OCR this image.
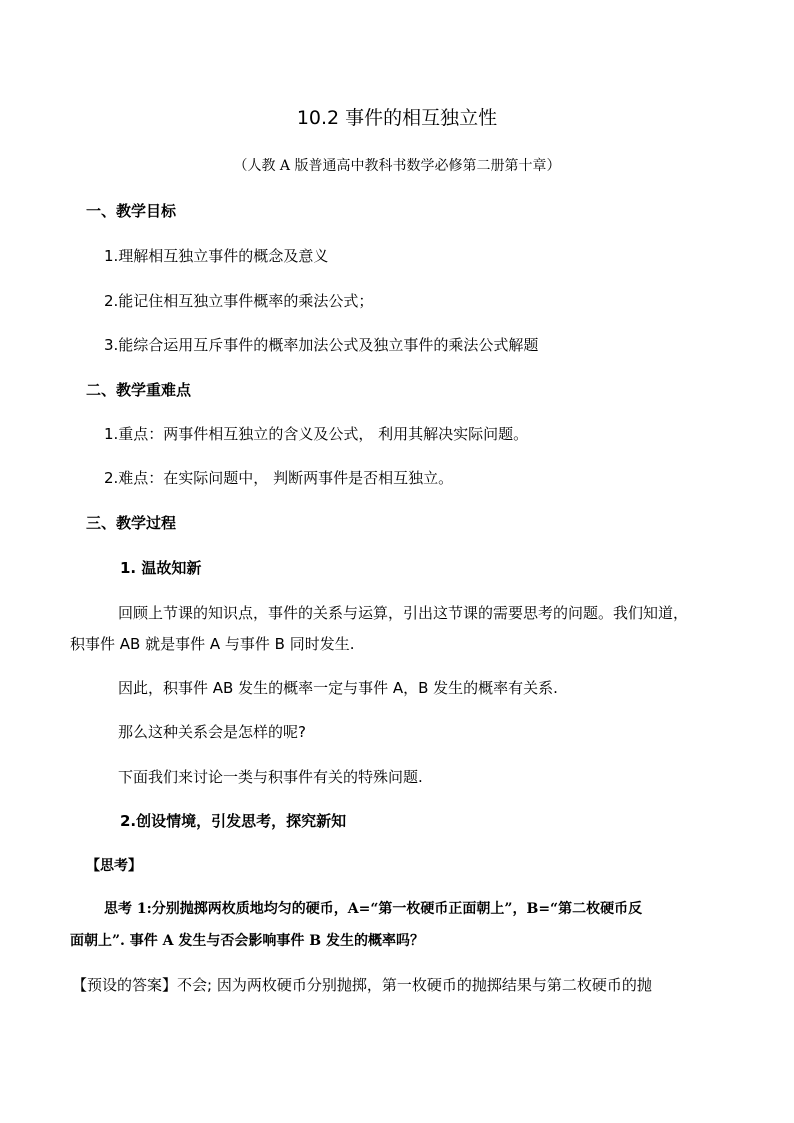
10.2 事件的相互独立性
（人教 A 版普通高中教科书数学必修第二册第十章）
一、教学目标
1.理解相互独立事件的概念及意义
2.能记住相互独立事件概率的乘法公式；
3.能综合运用互斥事件的概率加法公式及独立事件的乘法公式解题
二、教学重难点
1.重点：两事件相互独立的含义及公式， 利用其解决实际问题。
2.难点：在实际问题中， 判断两事件是否相互独立。
三、教学过程
1. 温故知新
回顾上节课的知识点，事件的关系与运算，引出这节课的需要思考的问题。我们知道，
积事件 AB 就是事件 A 与事件 B 同时发生.
因此，积事件 AB 发生的概率一定与事件 A，B 发生的概率有关系.
那么这种关系会是怎样的呢?
下面我们来讨论一类与积事件有关的特殊问题.
2.创设情境，引发思考，探究新知
【思考】
思考 1:分别抛掷两枚质地均匀的硬币，A=“第一枚硬币正面朝上”，B=“第二枚硬币反
面朝上”. 事件 A 发生与否会影响事件 B 发生的概率吗？
【预设的答案】不会; 因为两枚硬币分别抛掷，第一枚硬币的抛掷结果与第二枚硬币的抛
